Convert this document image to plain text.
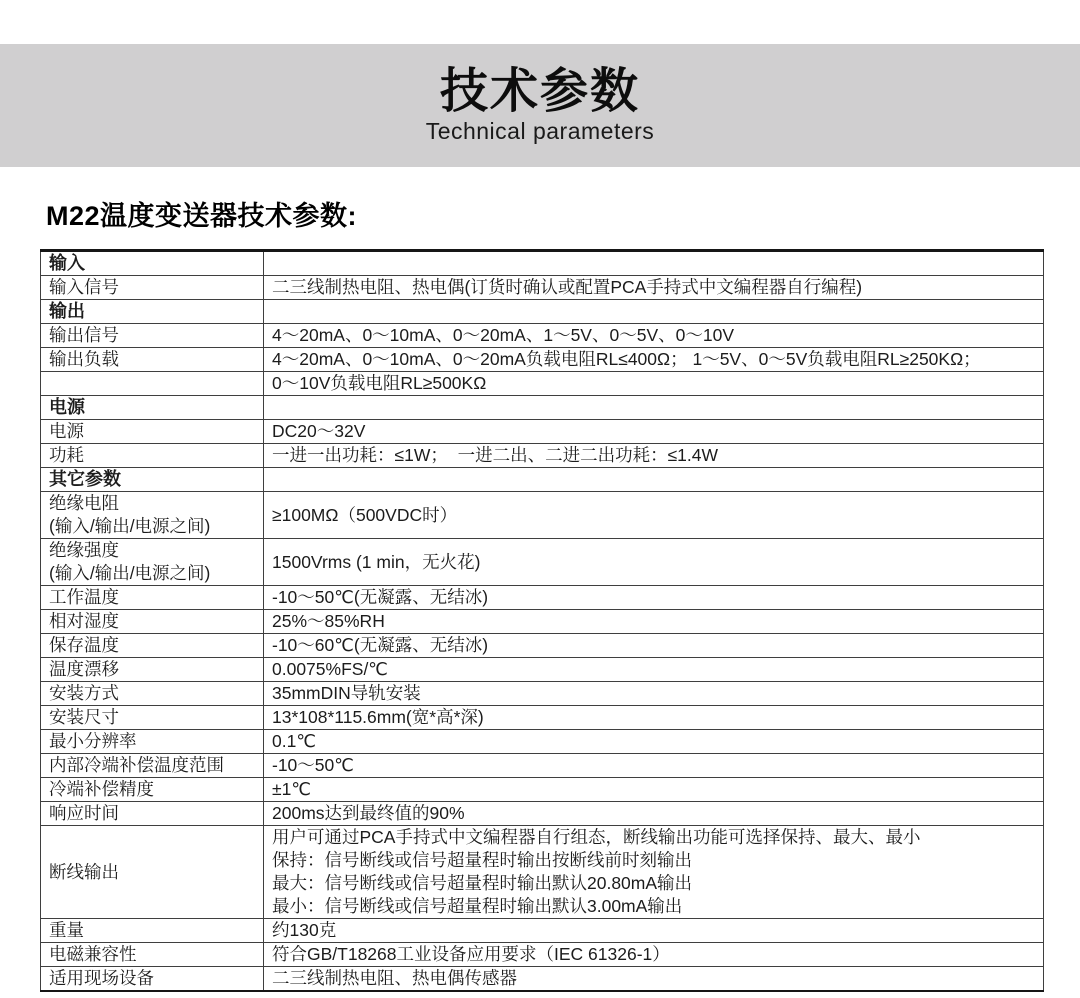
技术参数
Technical parameters
M22温度变送器技术参数:
输入	

输入信号	二三线制热电阻、热电偶(订货时确认或配置PCA手持式中文编程器自行编程)

输出	

输出信号	4～20mA、0～10mA、0～20mA、1～5V、0～5V、0～10V

输出负载	4～20mA、0～10mA、0～20mA负载电阻RL≤400Ω； 1～5V、0～5V负载电阻RL≥250KΩ；

	0～10V负载电阻RL≥500KΩ

电源	

电源	DC20～32V

功耗	一进一出功耗：≤1W；  一进二出、二进二出功耗：≤1.4W

其它参数	

绝缘电阻
(输入/输出/电源之间)	≥100MΩ（500VDC时）

绝缘强度
(输入/输出/电源之间)	1500Vrms (1 min，无火花)

工作温度	-10～50℃(无凝露、无结冰)

相对湿度	25%～85%RH

保存温度	-10～60℃(无凝露、无结冰)

温度漂移	0.0075%FS/℃

安装方式	35mmDIN导轨安装

安装尺寸	13*108*115.6mm(宽*高*深)

最小分辨率	0.1℃

内部冷端补偿温度范围	-10～50℃

冷端补偿精度	±1℃

响应时间	200ms达到最终值的90%

断线输出	用户可通过PCA手持式中文编程器自行组态，断线输出功能可选择保持、最大、最小
保持：信号断线或信号超量程时输出按断线前时刻输出
最大：信号断线或信号超量程时输出默认20.80mA输出
最小：信号断线或信号超量程时输出默认3.00mA输出

重量	约130克

电磁兼容性	符合GB/T18268工业设备应用要求（IEC 61326-1）

适用现场设备	二三线制热电阻、热电偶传感器
